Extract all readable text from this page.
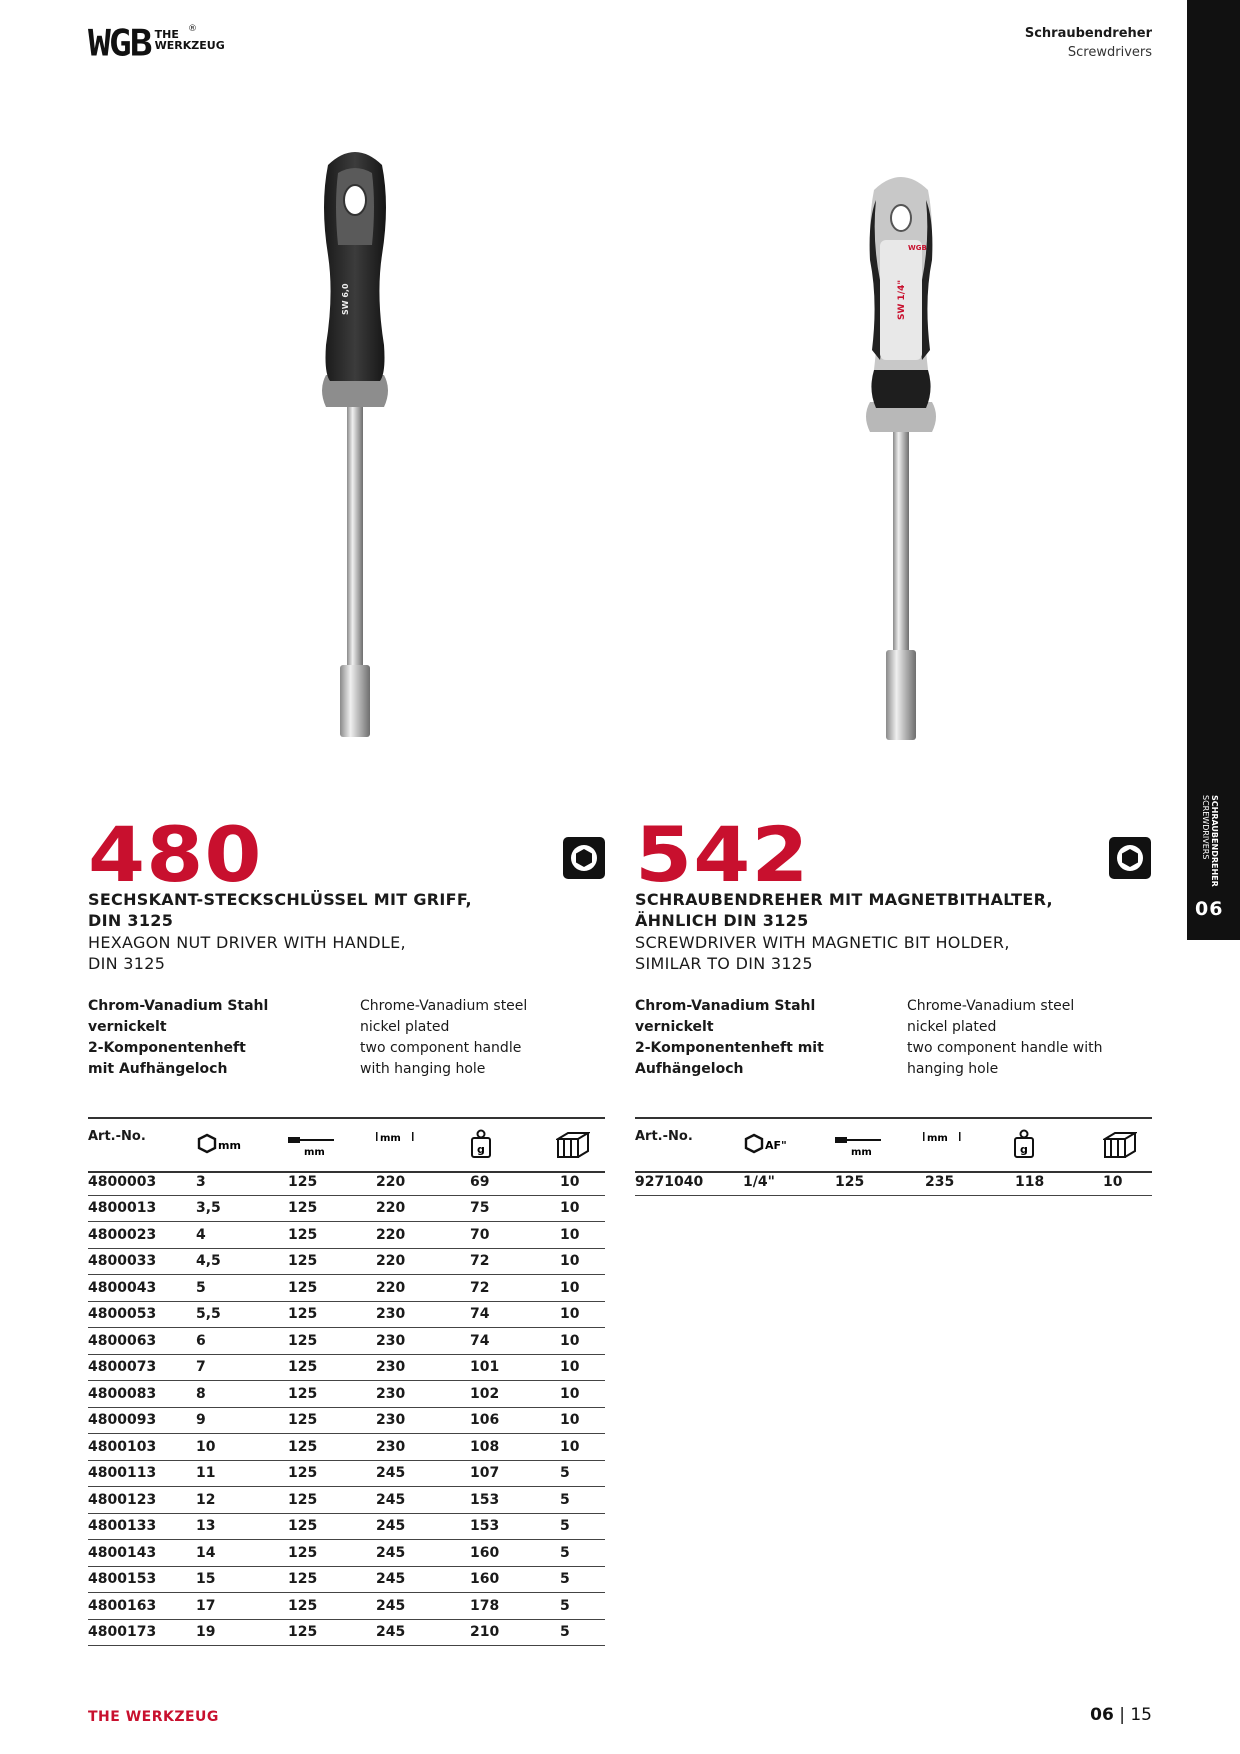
WGB	®
THE
WERKZEUG
Schraubendreher
Screwdrivers
SCHRAUBENDREHER
SCREWDRIVERS
06
SW 6,0
WGB
SW 1/4"
480
SECHSKANT-STECKSCHLÜSSEL MIT GRIFF,
DIN 3125
HEXAGON NUT DRIVER WITH HANDLE,
DIN 3125
Chrom-Vanadium Stahl
vernickelt
2-Komponentenheft
mit Aufhängeloch
Chrome-Vanadium steel
nickel plated
two component handle
with hanging hole
Art.-No.
mm
mm
mm
g
4800003	3	125	220	69	10
4800013	3,5	125	220	75	10
4800023	4	125	220	70	10
4800033	4,5	125	220	72	10
4800043	5	125	220	72	10
4800053	5,5	125	230	74	10
4800063	6	125	230	74	10
4800073	7	125	230	101	10
4800083	8	125	230	102	10
4800093	9	125	230	106	10
4800103	10	125	230	108	10
4800113	11	125	245	107	5
4800123	12	125	245	153	5
4800133	13	125	245	153	5
4800143	14	125	245	160	5
4800153	15	125	245	160	5
4800163	17	125	245	178	5
4800173	19	125	245	210	5
542
SCHRAUBENDREHER MIT MAGNETBITHALTER,
ÄHNLICH DIN 3125
SCREWDRIVER WITH MAGNETIC BIT HOLDER,
SIMILAR TO DIN 3125
Chrom-Vanadium Stahl
vernickelt
2-Komponentenheft mit
Aufhängeloch
Chrome-Vanadium steel
nickel plated
two component handle with
hanging hole
Art.-No.
AF"
mm
mm
g
9271040	1/4"	125	235	118	10
THE WERKZEUG	06 | 15
